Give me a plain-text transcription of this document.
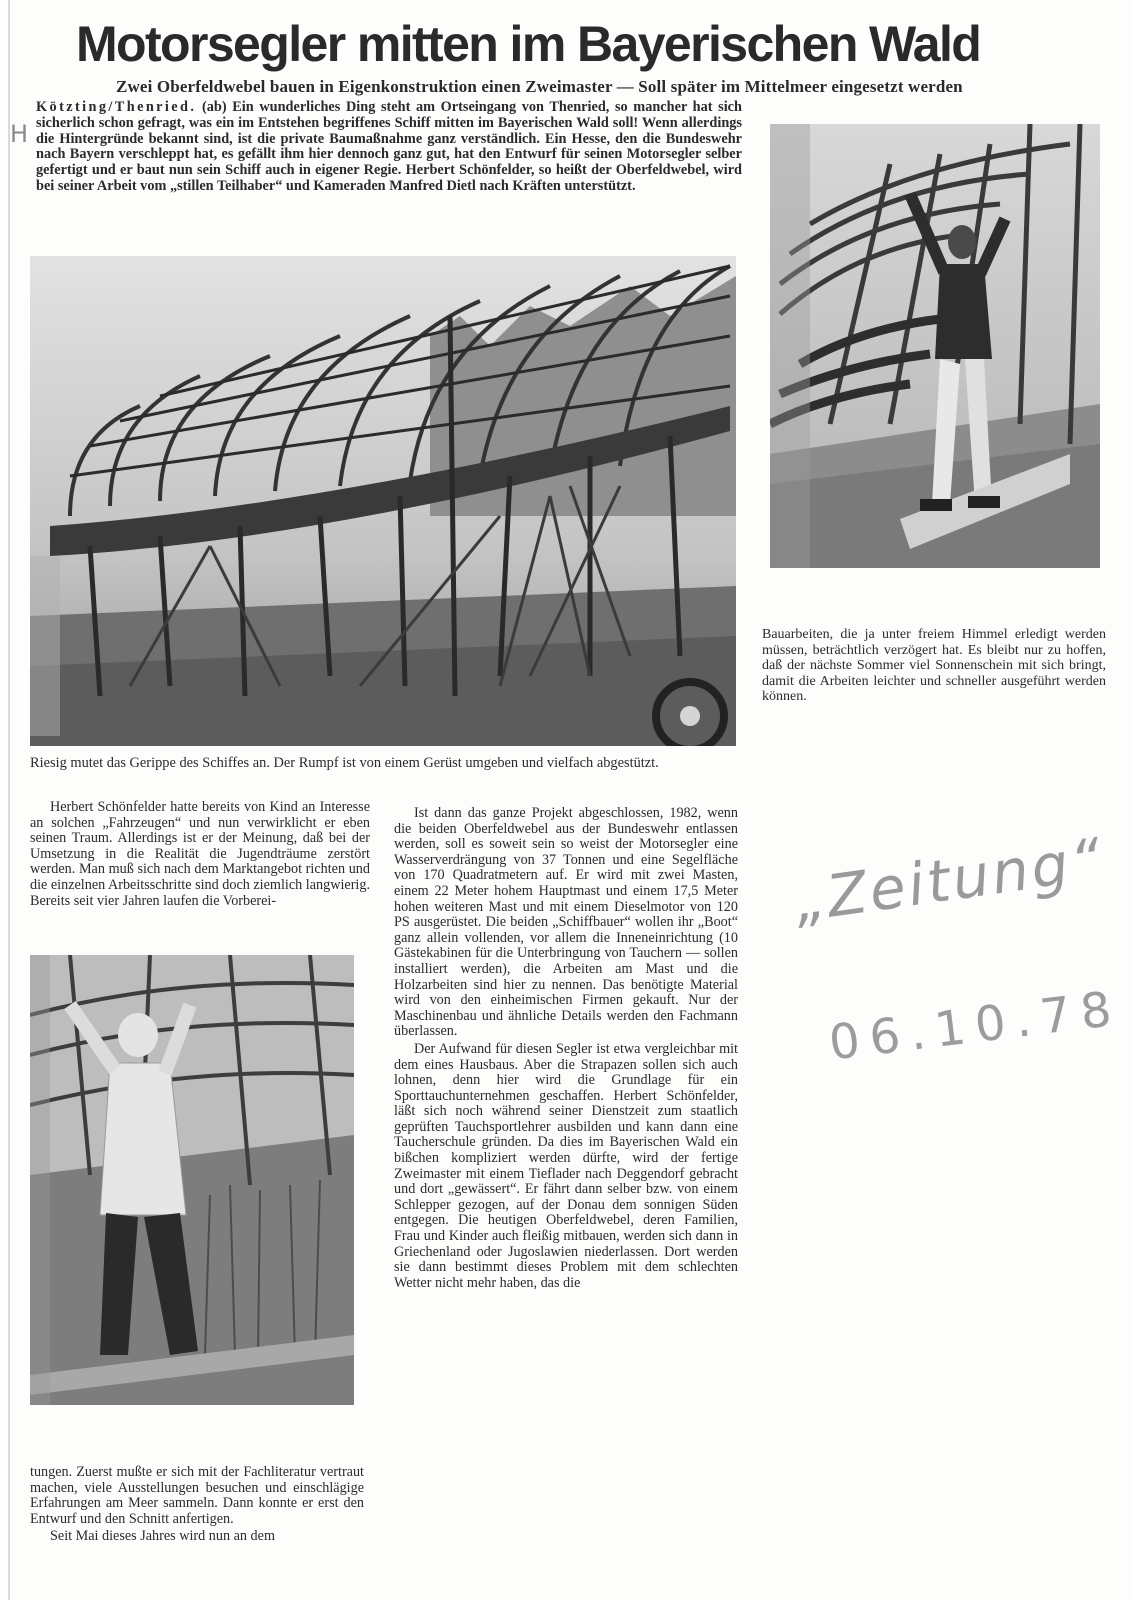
Motorsegler mitten im Bayerischen Wald
Zwei Oberfeldwebel bauen in Eigenkonstruktion einen Zweimaster — Soll später im Mittelmeer eingesetzt werden
H

Kötzting/Thenried. (ab) Ein wunderliches Ding steht am Ortseingang von Thenried, so mancher hat sich sicherlich schon gefragt, was ein im Entstehen begriffenes Schiff mitten im Bayerischen Wald soll! Wenn allerdings die Hintergründe bekannt sind, ist die private Baumaßnahme ganz verständlich. Ein Hesse, den die Bundeswehr nach Bayern verschleppt hat, es gefällt ihm hier dennoch ganz gut, hat den Entwurf für seinen Motorsegler selber gefertigt und er baut nun sein Schiff auch in eigener Regie. Herbert Schönfelder, so heißt der Oberfeldwebel, wird bei seiner Arbeit vom „stillen Teilhaber“ und Kameraden Manfred Dietl nach Kräften unterstützt.

Riesig mutet das Gerippe des Schiffes an. Der Rumpf ist von einem Gerüst umgeben und vielfach abgestützt.

Bauarbeiten, die ja unter freiem Himmel erledigt werden müssen, beträchtlich verzögert hat. Es bleibt nur zu hoffen, daß der nächste Sommer viel Sonnenschein mit sich bringt, damit die Arbeiten leichter und schneller ausgeführt werden können.

Herbert Schönfelder hatte bereits von Kind an Interesse an solchen „Fahrzeugen“ und nun verwirklicht er eben seinen Traum. Allerdings ist er der Meinung, daß bei der Umsetzung in die Realität die Jugendträume zerstört werden. Man muß sich nach dem Marktangebot richten und die einzelnen Arbeitsschritte sind doch ziemlich langwierig. Bereits seit vier Jahren laufen die Vorberei-

Ist dann das ganze Projekt abgeschlossen, 1982, wenn die beiden Oberfeldwebel aus der Bundeswehr entlassen werden, soll es soweit sein so weist der Motorsegler eine Wasserverdrängung von 37 Tonnen und eine Segelfläche von 170 Quadratmetern auf. Er wird mit zwei Masten, einem 22 Meter hohem Hauptmast und einem 17,5 Meter hohen weiteren Mast und mit einem Dieselmotor von 120 PS ausgerüstet. Die beiden „Schiffbauer“ wollen ihr „Boot“ ganz allein vollenden, vor allem die Inneneinrichtung (10 Gästekabinen für die Unterbringung von Tauchern — sollen installiert werden), die Arbeiten am Mast und die Holzarbeiten sind hier zu nennen. Das benötigte Material wird von den einheimischen Firmen gekauft. Nur der Maschinenbau und ähnliche Details werden den Fachmann überlassen.

Der Aufwand für diesen Segler ist etwa vergleichbar mit dem eines Hausbaus. Aber die Strapazen sollen sich auch lohnen, denn hier wird die Grundlage für ein Sporttauchunternehmen geschaffen. Herbert Schönfelder, läßt sich noch während seiner Dienstzeit zum staatlich geprüften Tauchsportlehrer ausbilden und kann dann eine Taucherschule gründen. Da dies im Bayerischen Wald ein bißchen kompliziert werden dürfte, wird der fertige Zweimaster mit einem Tieflader nach Deggendorf gebracht und dort „gewässert“. Er fährt dann selber bzw. von einem Schlepper gezogen, auf der Donau dem sonnigen Süden entgegen. Die heutigen Oberfeldwebel, deren Familien, Frau und Kinder auch fleißig mitbauen, werden sich dann in Griechenland oder Jugoslawien niederlassen. Dort werden sie dann bestimmt dieses Problem mit dem schlechten Wetter nicht mehr haben, das die

tungen. Zuerst mußte er sich mit der Fachliteratur vertraut machen, viele Ausstellungen besuchen und einschlägige Erfahrungen am Meer sammeln. Dann konnte er erst den Entwurf und den Schnitt anfertigen.

Seit Mai dieses Jahres wird nun an dem

„Zeitung“
06.10.78
